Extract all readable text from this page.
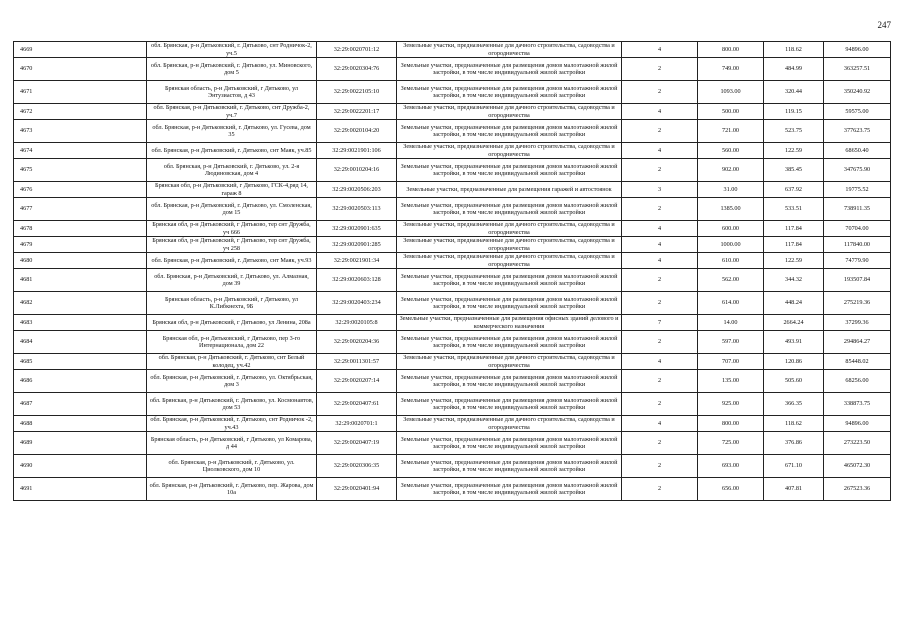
247
4669	обл. Брянская, р-н Дятьковский, г. Дятьково, снт Родничок-2, уч.5	32:29:0020701:12	Земельные участки, предназначенные для дачного строительства, садоводства и огородничества	4	800.00	118.62	94896.00
4670	обл. Брянская, р-н Дятьковский, г. Дятьково, ул. Миновского, дом 5	32:29:0020304:76	Земельные участки, предназначенные для размещения домов малоэтажной жилой застройки, в том числе индивидуальной жилой застройки	2	749.00	484.99	363257.51
4671	Брянская область, р-н Дятьковский, г Дятьково, ул Энтузиастов, д 43	32:29:0022105:10	Земельные участки, предназначенные для размещения домов малоэтажной жилой застройки, в том числе индивидуальной жилой застройки	2	1093.00	320.44	350240.92
4672	обл. Брянская, р-н Дятьковский, г. Дятьково, снт Дружба-2, уч.7	32:29:0022201:17	Земельные участки, предназначенные для дачного строительства, садоводства и огородничества	4	500.00	119.15	59575.00
4673	обл. Брянская, р-н Дятьковский, г. Дятьково, ул. Гусева, дом 35	32:29:0020104:20	Земельные участки, предназначенные для размещения домов малоэтажной жилой застройки, в том числе индивидуальной жилой застройки	2	721.00	523.75	377623.75
4674	обл. Брянская, р-н Дятьковский, г. Дятьково, снт Маяк, уч.85	32:29:0021901:106	Земельные участки, предназначенные для дачного строительства, садоводства и огородничества	4	560.00	122.59	68650.40
4675	обл. Брянская, р-н Дятьковский, г. Дятьково, ул. 2-я Людиновская, дом 4	32:29:0010204:16	Земельные участки, предназначенные для размещения домов малоэтажной жилой застройки, в том числе индивидуальной жилой застройки	2	902.00	385.45	347675.90
4676	Брянская обл, р-н Дятьковский, г Дятьково, ГСК-4,ряд 14, гараж 8	32:29:0020506:203	Земельные участки, предназначенные для размещения гаражей и автостоянок	3	31.00	637.92	19775.52
4677	обл. Брянская, р-н Дятьковский, г. Дятьково, ул. Смоленская, дом 15	32:29:0020503:113	Земельные участки, предназначенные для размещения домов малоэтажной жилой застройки, в том числе индивидуальной жилой застройки	2	1385.00	533.51	738911.35
4678	Брянская обл, р-н Дятьковский, г Дятьково, тер снт Дружба, уч 666	32:29:0020901:635	Земельные участки, предназначенные для дачного строительства, садоводства и огородничества	4	600.00	117.84	70704.00
4679	Брянская обл, р-н Дятьковский, г Дятьково, тер снт Дружба, уч 258	32:29:0020901:285	Земельные участки, предназначенные для дачного строительства, садоводства и огородничества	4	1000.00	117.84	117840.00
4680	обл. Брянская, р-н Дятьковский, г. Дятьково, снт Маяк, уч.93	32:29:0021901:34	Земельные участки, предназначенные для дачного строительства, садоводства и огородничества	4	610.00	122.59	74779.90
4681	обл. Брянская, р-н Дятьковский, г. Дятьково, ул. Алмазная, дом 39	32:29:0020603:128	Земельные участки, предназначенные для размещения домов малоэтажной жилой застройки, в том числе индивидуальной жилой застройки	2	562.00	344.32	193507.84
4682	Брянская область, р-н Дятьковский, г Дятьково, ул К.Либкнехта, 9Б	32:29:0020403:234	Земельные участки, предназначенные для размещения домов малоэтажной жилой застройки, в том числе индивидуальной жилой застройки	2	614.00	448.24	275219.36
4683	Брянская обл, р-н Дятьковский, г Дятьково, ул Ленина, 208а	32:29:0020105:8	Земельные участки, предназначенные для размещения офисных зданий делового и коммерческого назначения	7	14.00	2664.24	37299.36
4684	Брянская обл, р-н Дятьковский, г Дятьково, пер 3-го Интернационала, дом 22	32:29:0020204:36	Земельные участки, предназначенные для размещения домов малоэтажной жилой застройки, в том числе индивидуальной жилой застройки	2	597.00	493.91	294864.27
4685	обл. Брянская, р-н Дятьковский, г. Дятьково, снт Белый колодец, уч.42	32:29:0011301:57	Земельные участки, предназначенные для дачного строительства, садоводства и огородничества	4	707.00	120.86	85448.02
4686	обл. Брянская, р-н Дятьковский, г. Дятьково, ул. Октябрьская, дом 3	32:29:0020207:14	Земельные участки, предназначенные для размещения домов малоэтажной жилой застройки, в том числе индивидуальной жилой застройки	2	135.00	505.60	68256.00
4687	обл. Брянская, р-н Дятьковский, г. Дятьково, ул. Космонавтов, дом 53	32:29:0020407:61	Земельные участки, предназначенные для размещения домов малоэтажной жилой застройки, в том числе индивидуальной жилой застройки	2	925.00	366.35	338873.75
4688	обл. Брянская, р-н Дятьковский, г. Дятьково, снт Родничок -2, уч.43	32:29:0020701:1	Земельные участки, предназначенные для дачного строительства, садоводства и огородничества	4	800.00	118.62	94896.00
4689	Брянская область, р-н Дятьковский, г Дятьково, ул Комарова, д 44	32:29:0020407:19	Земельные участки, предназначенные для размещения домов малоэтажной жилой застройки, в том числе индивидуальной жилой застройки	2	725.00	376.86	273223.50
4690	обл. Брянская, р-н Дятьковский, г. Дятьково, ул. Циолковского, дом 10	32:29:0020306:35	Земельные участки, предназначенные для размещения домов малоэтажной жилой застройки, в том числе индивидуальной жилой застройки	2	693.00	671.10	465072.30
4691	обл. Брянская, р-н Дятьковский, г. Дятьково, пер. Жарова, дом 10а	32:29:0020401:94	Земельные участки, предназначенные для размещения домов малоэтажной жилой застройки, в том числе индивидуальной жилой застройки	2	656.00	407.81	267523.36
